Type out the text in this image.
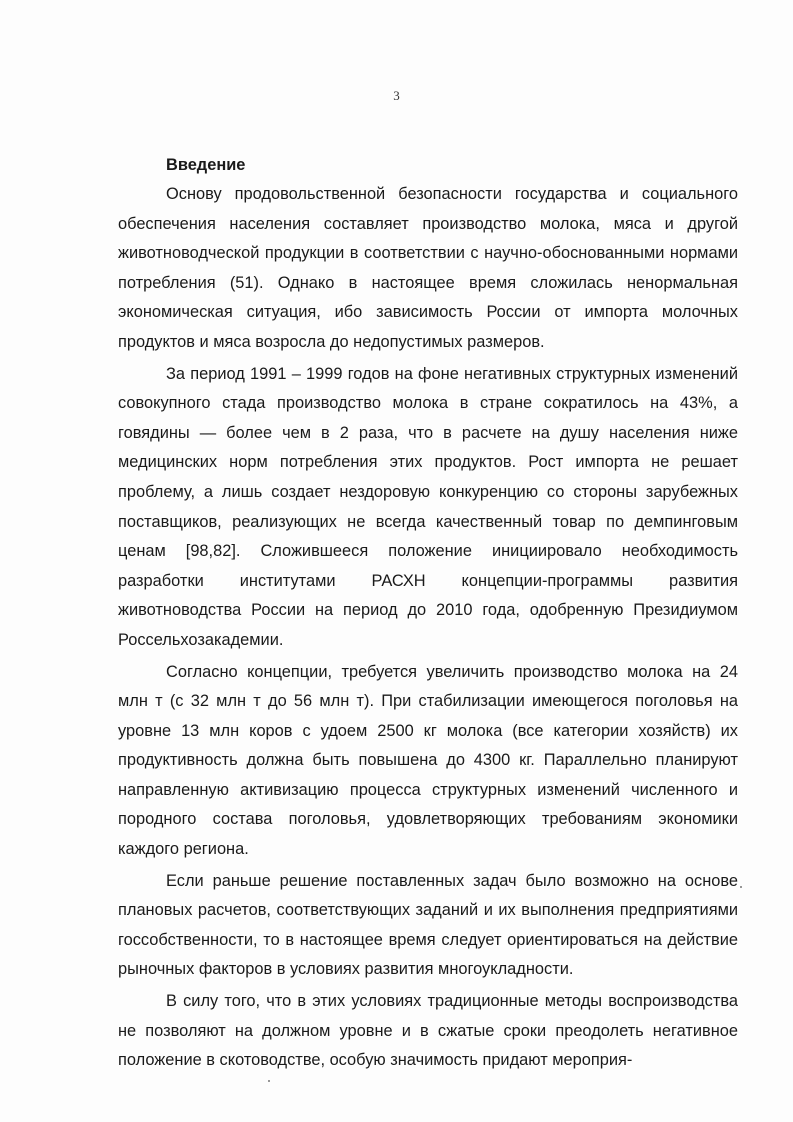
3
Введение

Основу продовольственной безопасности государства и социального обеспечения населения составляет производство молока, мяса и другой животноводческой продукции в соответствии с научно-обоснованными нормами потребления (51). Однако в настоящее время сложилась ненормальная экономическая ситуация, ибо зависимость России от импорта молочных продуктов и мяса возросла до недопустимых размеров.

За период 1991 – 1999 годов на фоне негативных структурных изменений совокупного стада производство молока в стране сократилось на 43%, а говядины — более чем в 2 раза, что в расчете на душу населения ниже медицинских норм потребления этих продуктов. Рост импорта не решает проблему, а лишь создает нездоровую конкуренцию со стороны зарубежных поставщиков, реализующих не всегда качественный товар по демпинговым ценам [98,82]. Сложившееся положение инициировало необходимость разработки институтами РАСХН концепции-программы развития животноводства России на период до 2010 года, одобренную Президиумом Россельхозакадемии.

Согласно концепции, требуется увеличить производство молока на 24 млн т (с 32 млн т до 56 млн т). При стабилизации имеющегося поголовья на уровне 13 млн коров с удоем 2500 кг молока (все категории хозяйств) их продуктивность должна быть повышена до 4300 кг. Параллельно планируют направленную активизацию процесса структурных изменений численного и породного состава поголовья, удовлетворяющих требованиям экономики каждого региона.

Если раньше решение поставленных задач было возможно на основе плановых расчетов, соответствующих заданий и их выполнения предприятиями госсобственности, то в настоящее время следует ориентироваться на действие рыночных факторов в условиях развития многоукладности.

В силу того, что в этих условиях традиционные методы воспроизводства не позволяют на должном уровне и в сжатые сроки преодолеть негативное положение в скотоводстве, особую значимость придают мероприя-
